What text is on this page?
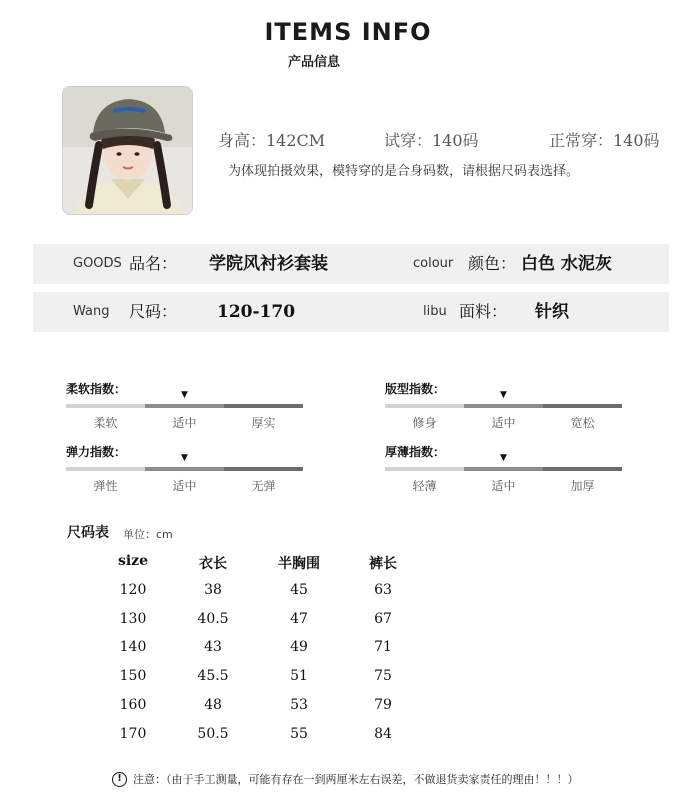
ITEMS INFO
产品信息
身高：142CM	试穿：140码	正常穿：140码
为体现拍摄效果，模特穿的是合身码数，请根据尺码表选择。
GOODS 品名： 学院风衬衫套装	colour 颜色： 白色 水泥灰
Wang 尺码： 120-170	libu 面料： 针织
柔软指数：
柔软	适中	厚实
▼	版型指数：
修身	适中	宽松
▼
弹力指数：
弹性	适中	无弹
▼	厚薄指数：
轻薄	适中	加厚
▼
尺码表 单位：cm
size	衣长	半胸围	裤长
120	38	45	63
130	40.5	47	67
140	43	49	71
150	45.5	51	75
160	48	53	79
170	50.5	55	84
!	注意：（由于手工测量，可能有存在一到两厘米左右误差，不做退货卖家责任的理由！！！）
